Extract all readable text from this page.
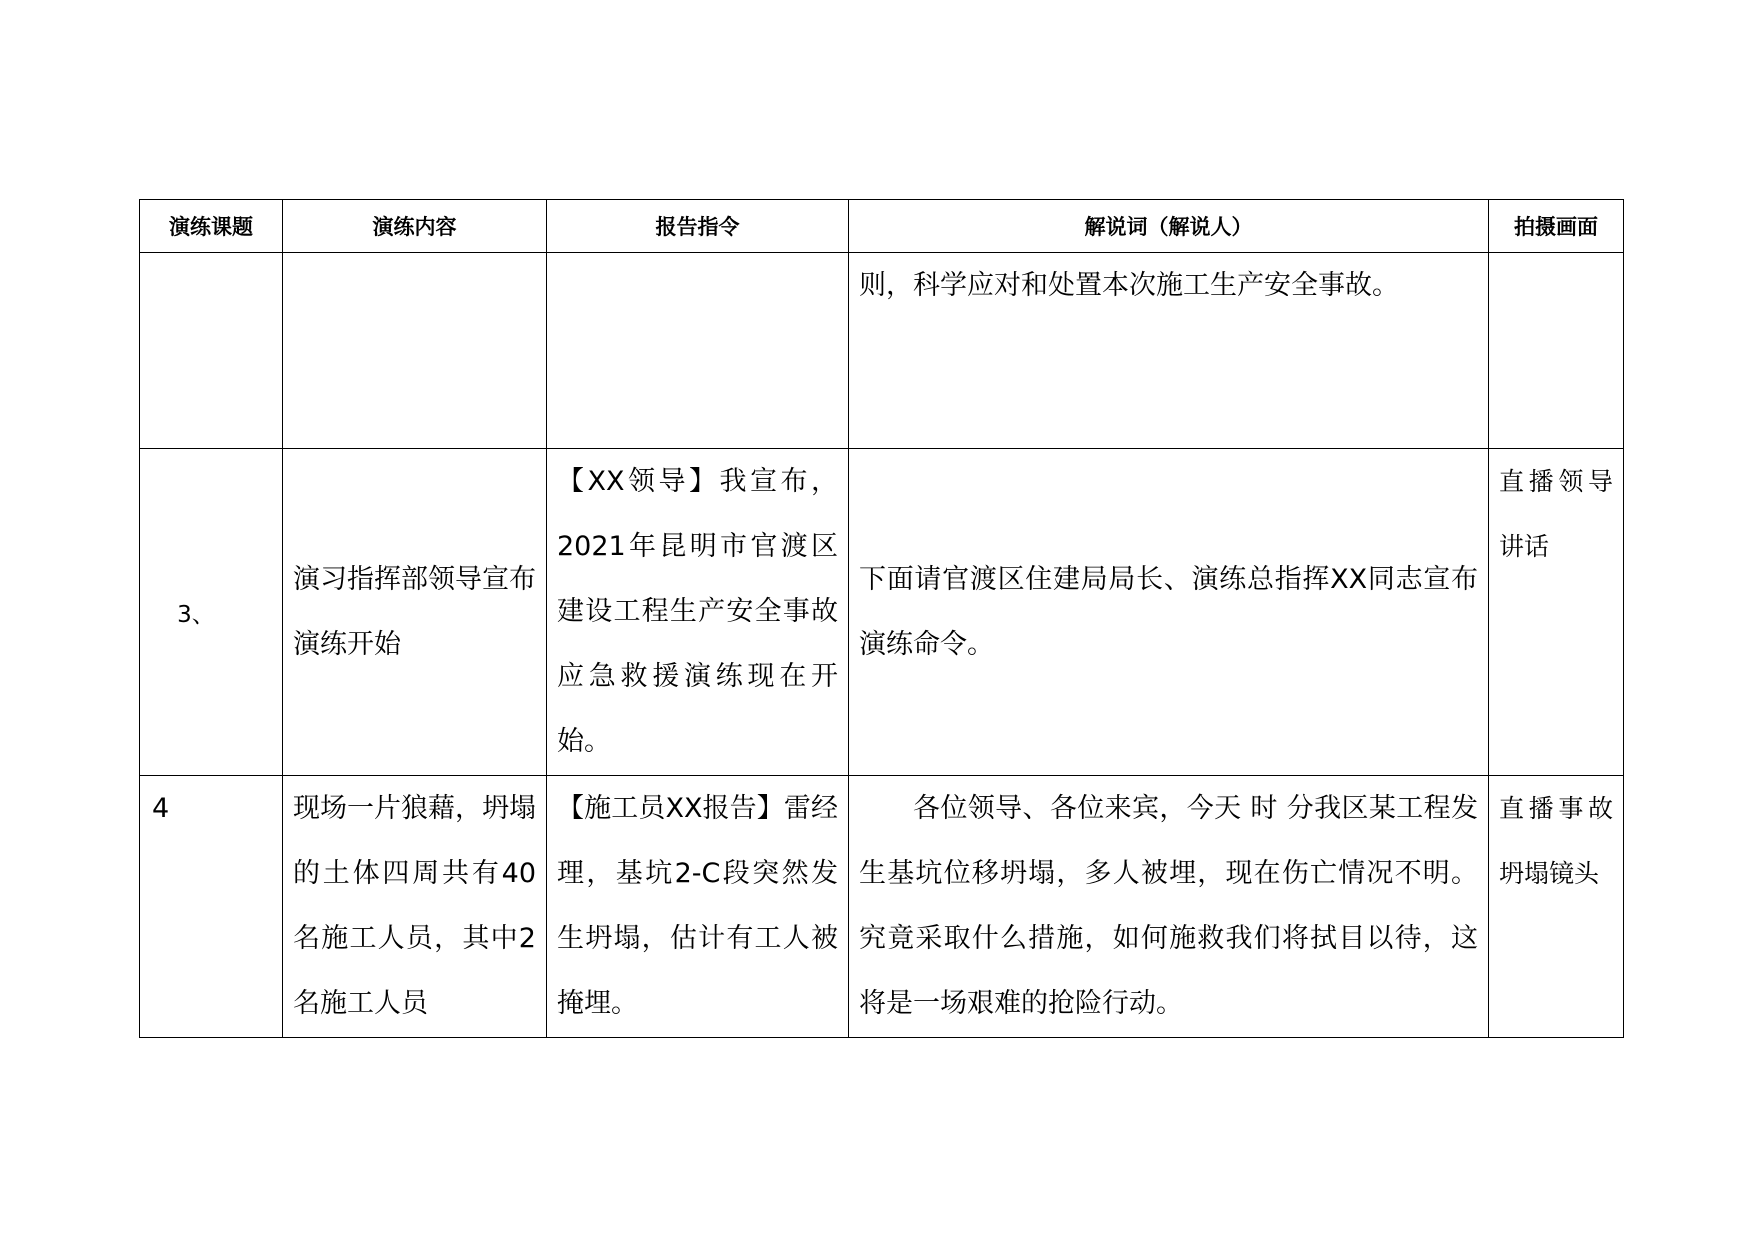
演练课题	演练内容	报告指令	解说词（解说人）	拍摄画面

			则，科学应对和处置本次施工生产安全事故。	

3、	演习指挥部领导宣布演练开始	【XX领导】我宣布，2021年昆明市官渡区建设工程生产安全事故应急救援演练现在开始。	下面请官渡区住建局局长、演练总指挥XX同志宣布演练命令。	直播领导讲话

4	现场一片狼藉，坍塌的土体四周共有40名施工人员，其中2名施工人员	【施工员XX报告】雷经理，基坑2-C段突然发生坍塌，估计有工人被掩埋。	各位领导、各位来宾，今天 时 分我区某工程发生基坑位移坍塌，多人被埋，现在伤亡情况不明。究竟采取什么措施，如何施救我们将拭目以待，这将是一场艰难的抢险行动。	直播事故坍塌镜头
